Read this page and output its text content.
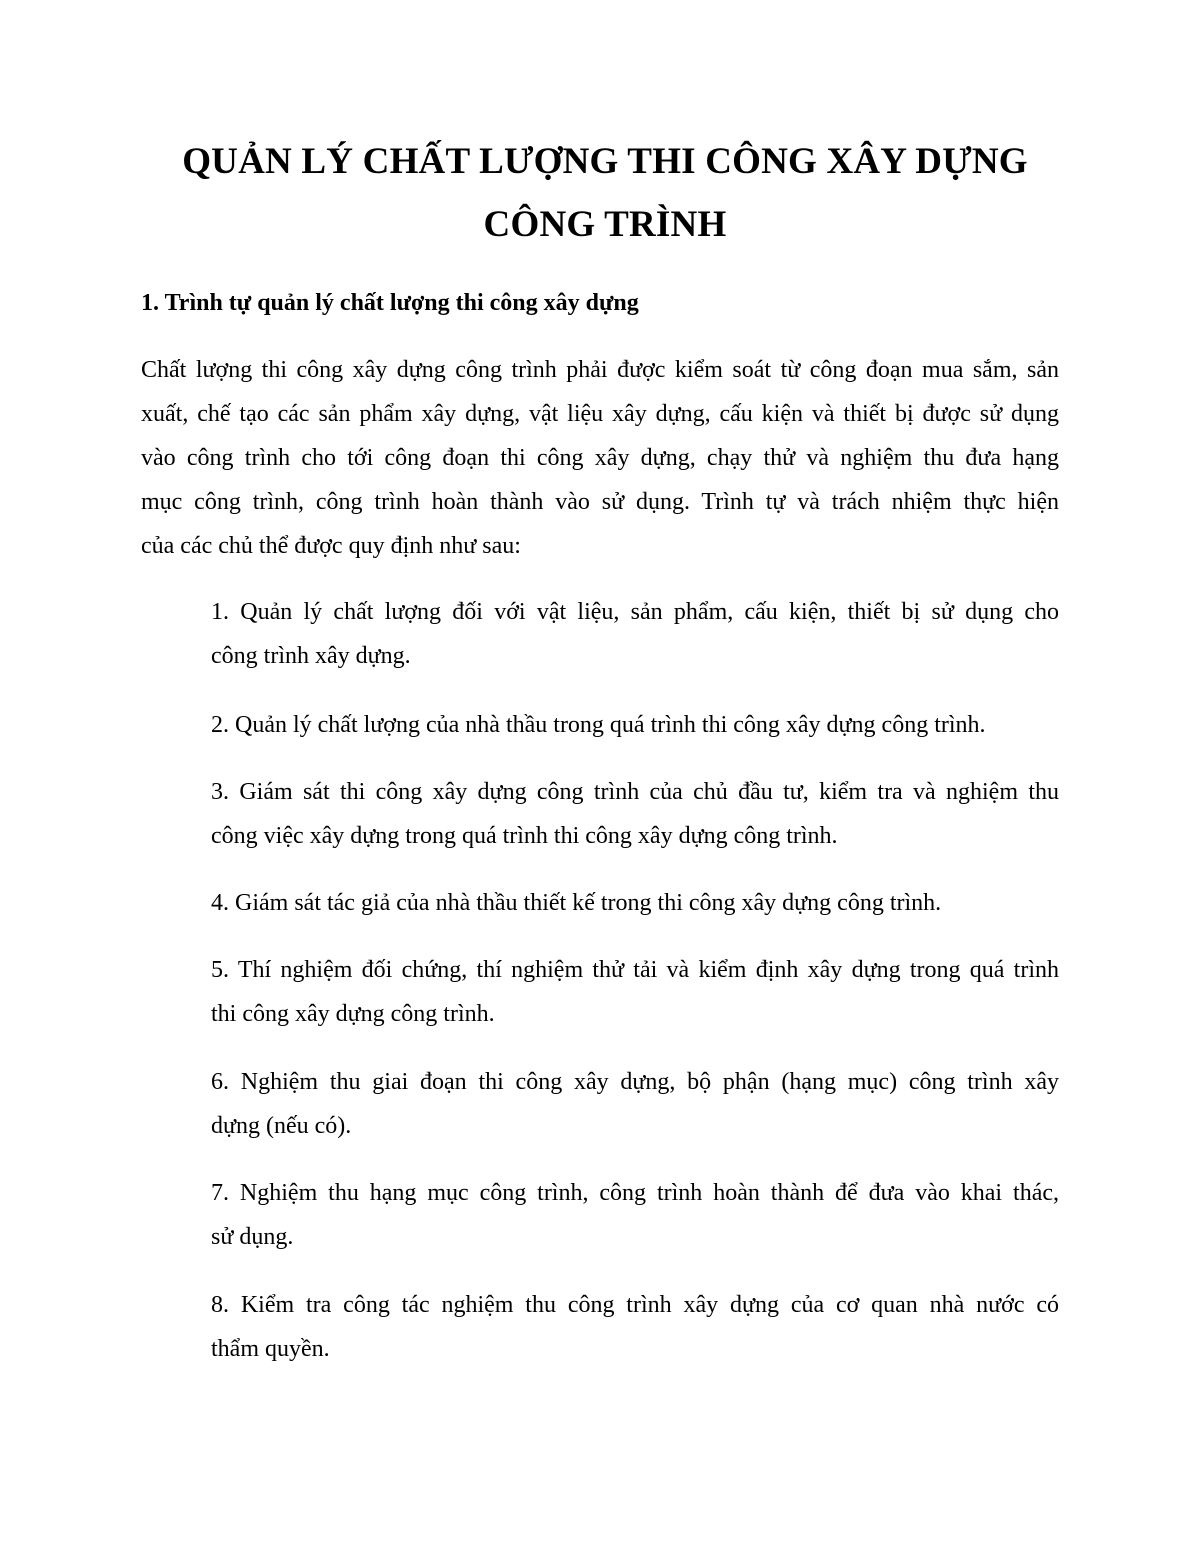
QUẢN LÝ CHẤT LƯỢNG THI CÔNG XÂY DỰNG
CÔNG TRÌNH
1. Trình tự quản lý chất lượng thi công xây dựng
Chất lượng thi công xây dựng công trình phải được kiểm soát từ công đoạn mua sắm, sản
xuất, chế tạo các sản phẩm xây dựng, vật liệu xây dựng, cấu kiện và thiết bị được sử dụng
vào công trình cho tới công đoạn thi công xây dựng, chạy thử và nghiệm thu đưa hạng
mục công trình, công trình hoàn thành vào sử dụng. Trình tự và trách nhiệm thực hiện
của các chủ thể được quy định như sau:
1. Quản lý chất lượng đối với vật liệu, sản phẩm, cấu kiện, thiết bị sử dụng cho
công trình xây dựng.
2. Quản lý chất lượng của nhà thầu trong quá trình thi công xây dựng công trình.
3. Giám sát thi công xây dựng công trình của chủ đầu tư, kiểm tra và nghiệm thu
công việc xây dựng trong quá trình thi công xây dựng công trình.
4. Giám sát tác giả của nhà thầu thiết kế trong thi công xây dựng công trình.
5. Thí nghiệm đối chứng, thí nghiệm thử tải và kiểm định xây dựng trong quá trình
thi công xây dựng công trình.
6. Nghiệm thu giai đoạn thi công xây dựng, bộ phận (hạng mục) công trình xây
dựng (nếu có).
7. Nghiệm thu hạng mục công trình, công trình hoàn thành để đưa vào khai thác,
sử dụng.
8. Kiểm tra công tác nghiệm thu công trình xây dựng của cơ quan nhà nước có
thẩm quyền.
